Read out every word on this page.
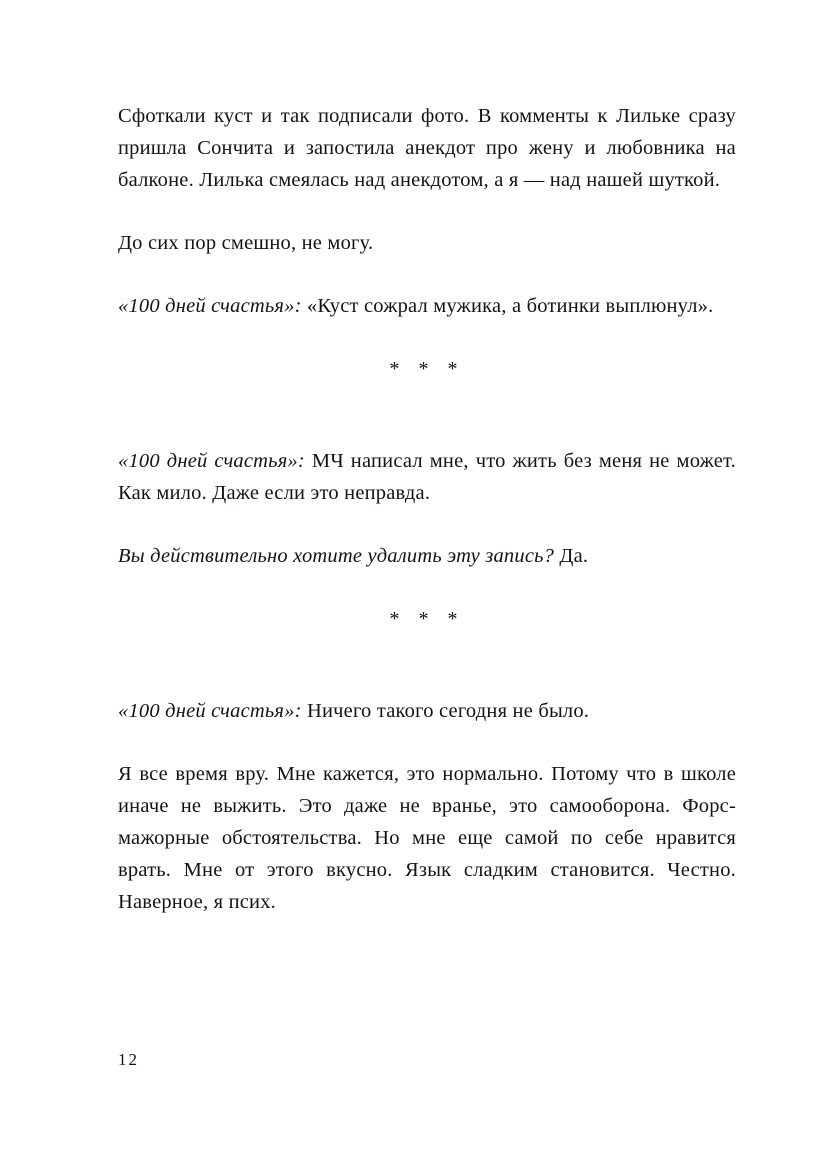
Сфоткали куст и так подписали фото. В комменты к Лильке сразу пришла Сончита и запостила анекдот про жену и любовника на балконе. Лилька смеялась над анекдотом, а я — над нашей шуткой.

До сих пор смешно, не могу.

«100 дней счастья»: «Куст сожрал мужика, а ботинки выплюнул».

* * *

«100 дней счастья»: МЧ написал мне, что жить без меня не может. Как мило. Даже если это неправда.

Вы действительно хотите удалить эту запись? Да.

* * *

«100 дней счастья»: Ничего такого сегодня не было.

Я все время вру. Мне кажется, это нормально. Потому что в школе иначе не выжить. Это даже не вранье, это самооборона. Форс-мажорные обстоятельства. Но мне еще самой по себе нравится врать. Мне от этого вкусно. Язык сладким становится. Честно. Наверное, я псих.

12
